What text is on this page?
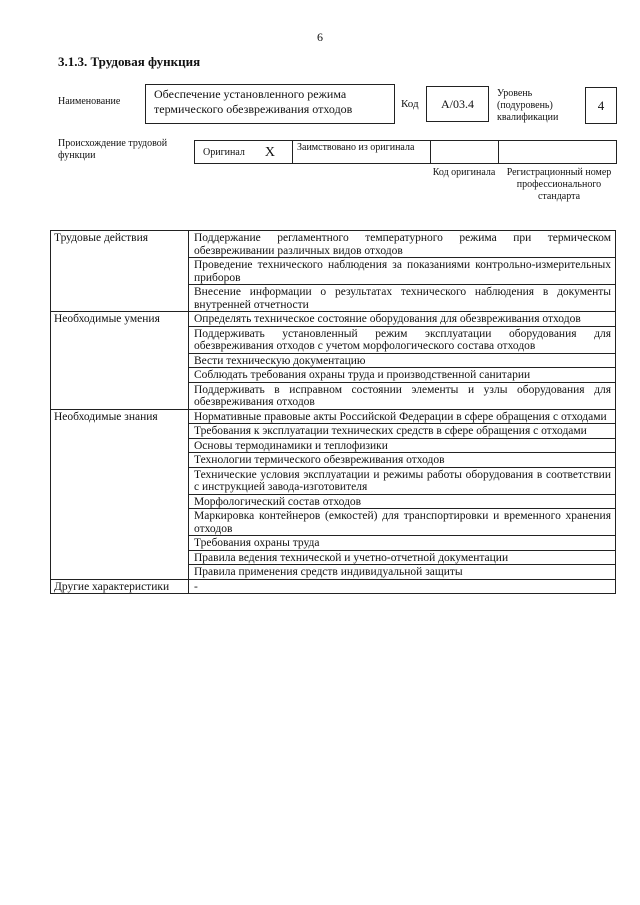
6
3.1.3. Трудовая функция
Наименование
Обеспечение установленного режима термического обезвреживания отходов	Код А/03.4
Уровень (подуровень) квалификации
4
Происхождение трудовой функции	Оригинал X	Заимствовано из оригинала
Код оригинала	Регистрационный номер профессионального стандарта
Трудовые действия	Поддержание регламентного температурного режима при термическом обезвреживании различных видов отходов
	Проведение технического наблюдения за показаниями контрольно-измерительных приборов
	Внесение информации о результатах технического наблюдения в документы внутренней отчетности
Необходимые умения	Определять техническое состояние оборудования для обезвреживания отходов
	Поддерживать установленный режим эксплуатации оборудования для обезвреживания отходов с учетом морфологического состава отходов
	Вести техническую документацию
	Соблюдать требования охраны труда и производственной санитарии
	Поддерживать в исправном состоянии элементы и узлы оборудования для обезвреживания отходов
Необходимые знания	Нормативные правовые акты Российской Федерации в сфере обращения с отходами
	Требования к эксплуатации технических средств в сфере обращения с отходами
	Основы термодинамики и теплофизики
	Технологии термического обезвреживания отходов
	Технические условия эксплуатации и режимы работы оборудования в соответствии с инструкцией завода-изготовителя
	Морфологический состав отходов
	Маркировка контейнеров (емкостей) для транспортировки и временного хранения отходов
	Требования охраны труда
	Правила ведения технической и учетно-отчетной документации
	Правила применения средств индивидуальной защиты
Другие характеристики	-
